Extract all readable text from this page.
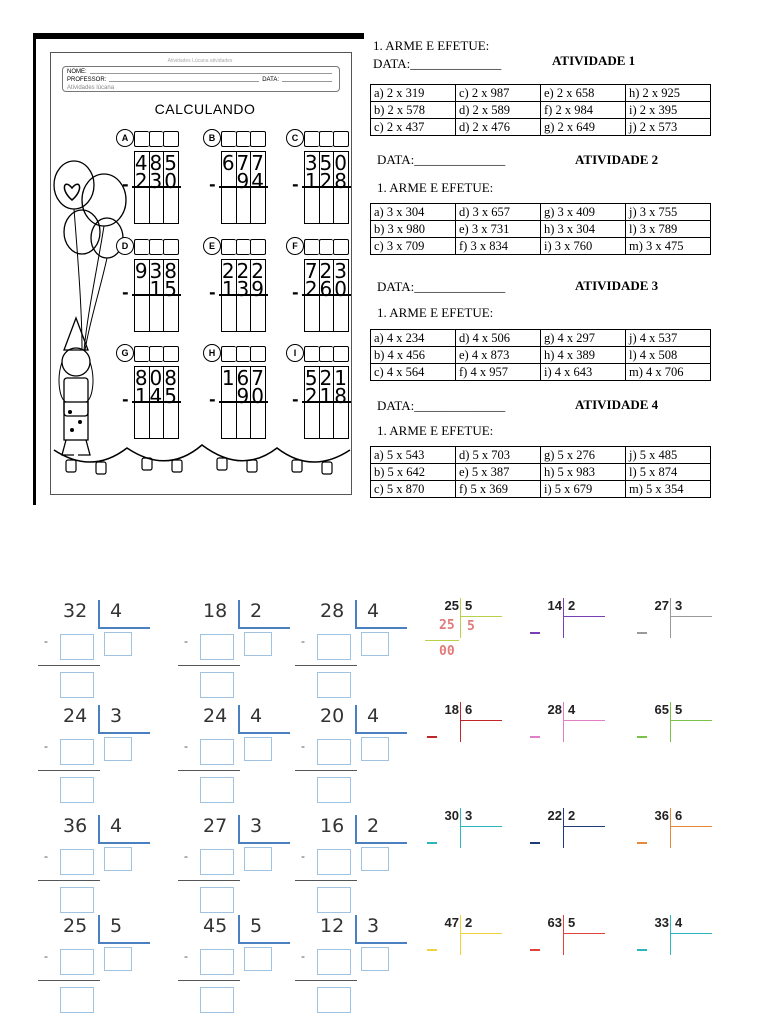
Atividades Lúcana atividades
NOME:
PROFESSOR:	DATA:
Atividades lúcana
CALCULANDO
A
485
230
-
B
677
94
-
C
350
128
-
D
938
15
-
E
222
139
-
F
723
260
-
G
808
145
-
H
167
90
-
I
521
218
-
1. ARME E EFETUE:
DATA:______________	ATIVIDADE 1
a) 2 x 319	c) 2 x 987	e) 2 x 658	h) 2 x 925
b) 2 x 578	d) 2 x 589	f) 2 x 984	i) 2 x 395
c) 2 x 437	d) 2 x 476	g) 2 x 649	j) 2 x 573
DATA:______________	ATIVIDADE 2
1. ARME E EFETUE:
a) 3 x 304	d) 3 x 657	g) 3 x 409	j) 3 x 755
b) 3 x 980	e) 3 x 731	h) 3 x 304	l) 3 x 789
c) 3 x 709	f) 3 x 834	i) 3 x 760	m) 3 x 475
DATA:______________	ATIVIDADE 3
1. ARME E EFETUE:
a) 4 x 234	d) 4 x 506	g) 4 x 297	j) 4 x 537
b) 4 x 456	e) 4 x 873	h) 4 x 389	l) 4 x 508
c) 4 x 564	f) 4 x 957	i) 4 x 643	m) 4 x 706
DATA:______________	ATIVIDADE 4
1. ARME E EFETUE:
a) 5 x 543	d) 5 x 703	g) 5 x 276	j) 5 x 485
b) 5 x 642	e) 5 x 387	h) 5 x 983	l) 5 x 874
c) 5 x 870	f) 5 x 369	i) 5 x 679	m) 5 x 354
32 4
-
18 2
-
28 4
-
24 3
-
24 4
-
20 4
-
36 4
-
27 3
-
16 2
-
25 5
-
45 5
-
12 3
-
25 5
25 5
00
14 2	27 3
18 6	28 4	65 5
30 3	22 2	36 6
47 2	63 5	33 4
